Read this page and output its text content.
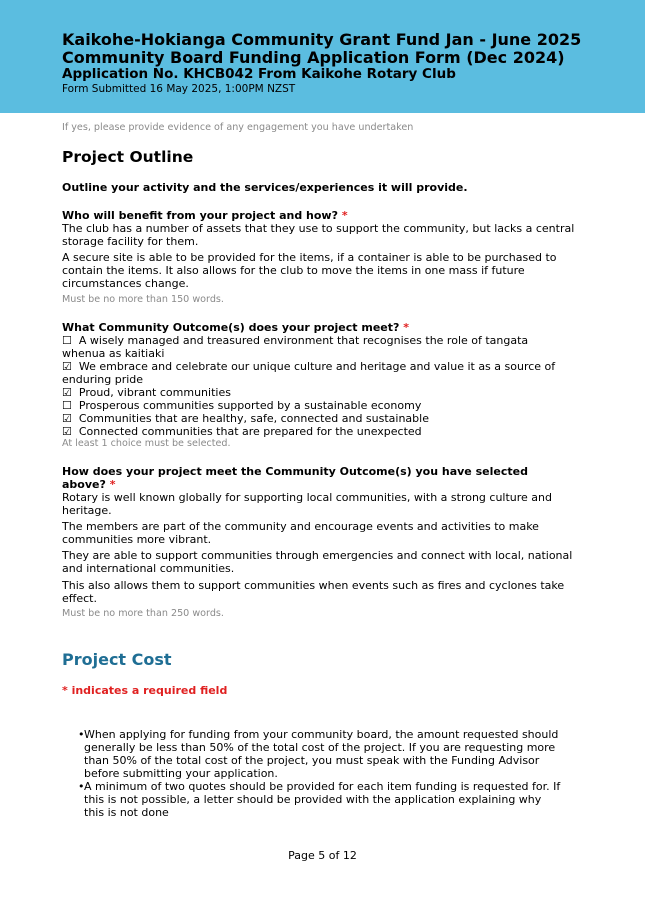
Kaikohe-Hokianga Community Grant Fund Jan - June 2025
Community Board Funding Application Form (Dec 2024)
Application No. KHCB042 From Kaikohe Rotary Club
Form Submitted 16 May 2025, 1:00PM NZST
If yes, please provide evidence of any engagement you have undertaken
Project Outline
Outline your activity and the services/experiences it will provide.
Who will benefit from your project and how? *
The club has a number of assets that they use to support the community, but lacks a central storage facility for them.
A secure site is able to be provided for the items, if a container is able to be purchased to contain the items. It also allows for the club to move the items in one mass if future circumstances change.
Must be no more than 150 words.
What Community Outcome(s) does your project meet? *
☐ A wisely managed and treasured environment that recognises the role of tangata whenua as kaitiaki
☑ We embrace and celebrate our unique culture and heritage and value it as a source of enduring pride
☑ Proud, vibrant communities
☐ Prosperous communities supported by a sustainable economy
☑ Communities that are healthy, safe, connected and sustainable
☑ Connected communities that are prepared for the unexpected
At least 1 choice must be selected.
How does your project meet the Community Outcome(s) you have selected above? *
Rotary is well known globally for supporting local communities, with a strong culture and heritage.
The members are part of the community and encourage events and activities to make communities more vibrant.
They are able to support communities through emergencies and connect with local, national and international communities.
This also allows them to support communities when events such as fires and cyclones take effect.
Must be no more than 250 words.
Project Cost
* indicates a required field
• When applying for funding from your community board, the amount requested should generally be less than 50% of the total cost of the project. If you are requesting more than 50% of the total cost of the project, you must speak with the Funding Advisor before submitting your application.
• A minimum of two quotes should be provided for each item funding is requested for. If this is not possible, a letter should be provided with the application explaining why this is not done
Page 5 of 12
